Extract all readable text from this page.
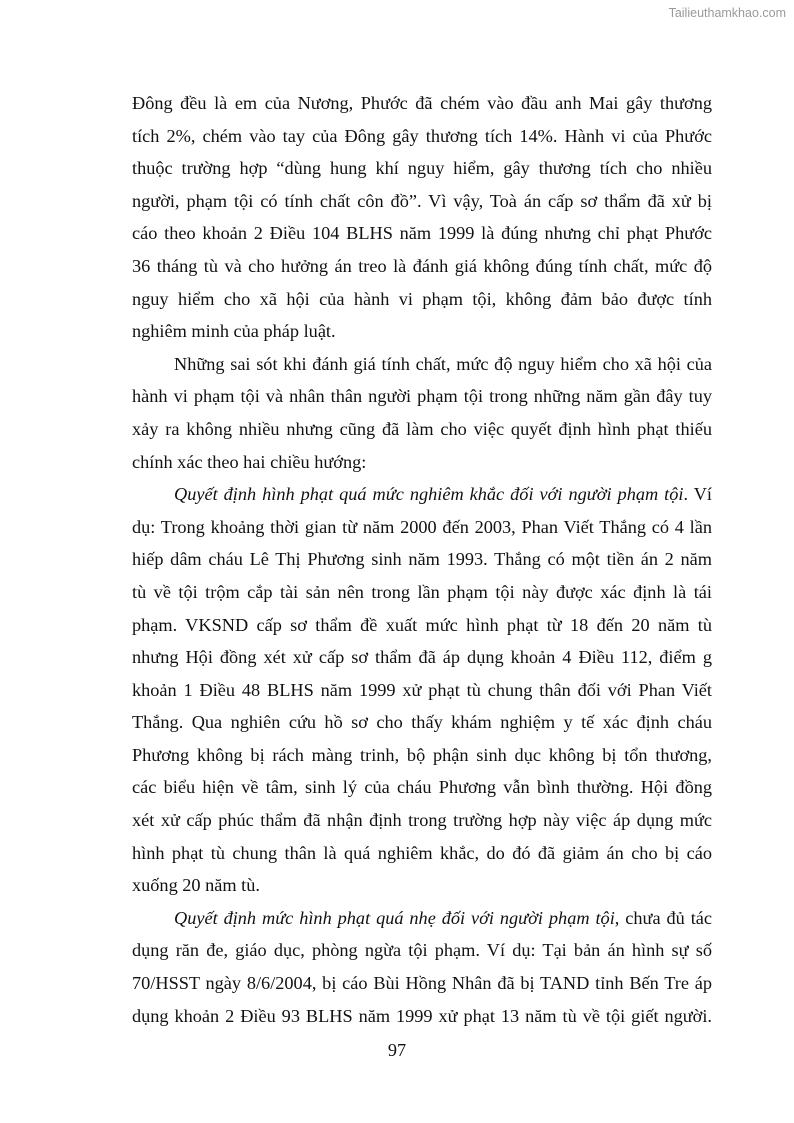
Tailieuthamkhao.com
Đông đều là em của Nương, Phước đã chém vào đầu anh Mai gây thương
tích 2%, chém vào tay của Đông gây thương tích 14%. Hành vi của Phước
thuộc trường hợp “dùng hung khí nguy hiểm, gây thương tích cho nhiều
người, phạm tội có tính chất côn đồ”. Vì vậy, Toà án cấp sơ thẩm đã xử bị
cáo theo khoản 2 Điều 104 BLHS năm 1999 là đúng nhưng chỉ phạt Phước
36 tháng tù và cho hưởng án treo là đánh giá không đúng tính chất, mức độ
nguy hiểm cho xã hội của hành vi phạm tội, không đảm bảo được tính
nghiêm minh của pháp luật.
Những sai sót khi đánh giá tính chất, mức độ nguy hiểm cho xã hội của
hành vi phạm tội và nhân thân người phạm tội trong những năm gần đây tuy
xảy ra không nhiều nhưng cũng đã làm cho việc quyết định hình phạt thiếu
chính xác theo hai chiều hướng:
Quyết định hình phạt quá mức nghiêm khắc đối với người phạm tội. Ví
dụ: Trong khoảng thời gian từ năm 2000 đến 2003, Phan Viết Thắng có 4 lần
hiếp dâm cháu Lê Thị Phương sinh năm 1993. Thắng có một tiền án 2 năm
tù về tội trộm cắp tài sản nên trong lần phạm tội này được xác định là tái
phạm. VKSND cấp sơ thẩm đề xuất mức hình phạt từ 18 đến 20 năm tù
nhưng Hội đồng xét xử cấp sơ thẩm đã áp dụng khoản 4 Điều 112, điểm g
khoản 1 Điều 48 BLHS năm 1999 xử phạt tù chung thân đối với Phan Viết
Thắng. Qua nghiên cứu hồ sơ cho thấy khám nghiệm y tế xác định cháu
Phương không bị rách màng trinh, bộ phận sinh dục không bị tổn thương,
các biểu hiện về tâm, sinh lý của cháu Phương vẫn bình thường. Hội đồng
xét xử cấp phúc thẩm đã nhận định trong trường hợp này việc áp dụng mức
hình phạt tù chung thân là quá nghiêm khắc, do đó đã giảm án cho bị cáo
xuống 20 năm tù.
Quyết định mức hình phạt quá nhẹ đối với người phạm tội, chưa đủ tác
dụng răn đe, giáo dục, phòng ngừa tội phạm. Ví dụ: Tại bản án hình sự số
70/HSST ngày 8/6/2004, bị cáo Bùi Hồng Nhân đã bị TAND tỉnh Bến Tre áp
dụng khoản 2 Điều 93 BLHS năm 1999 xử phạt 13 năm tù về tội giết người.
97
